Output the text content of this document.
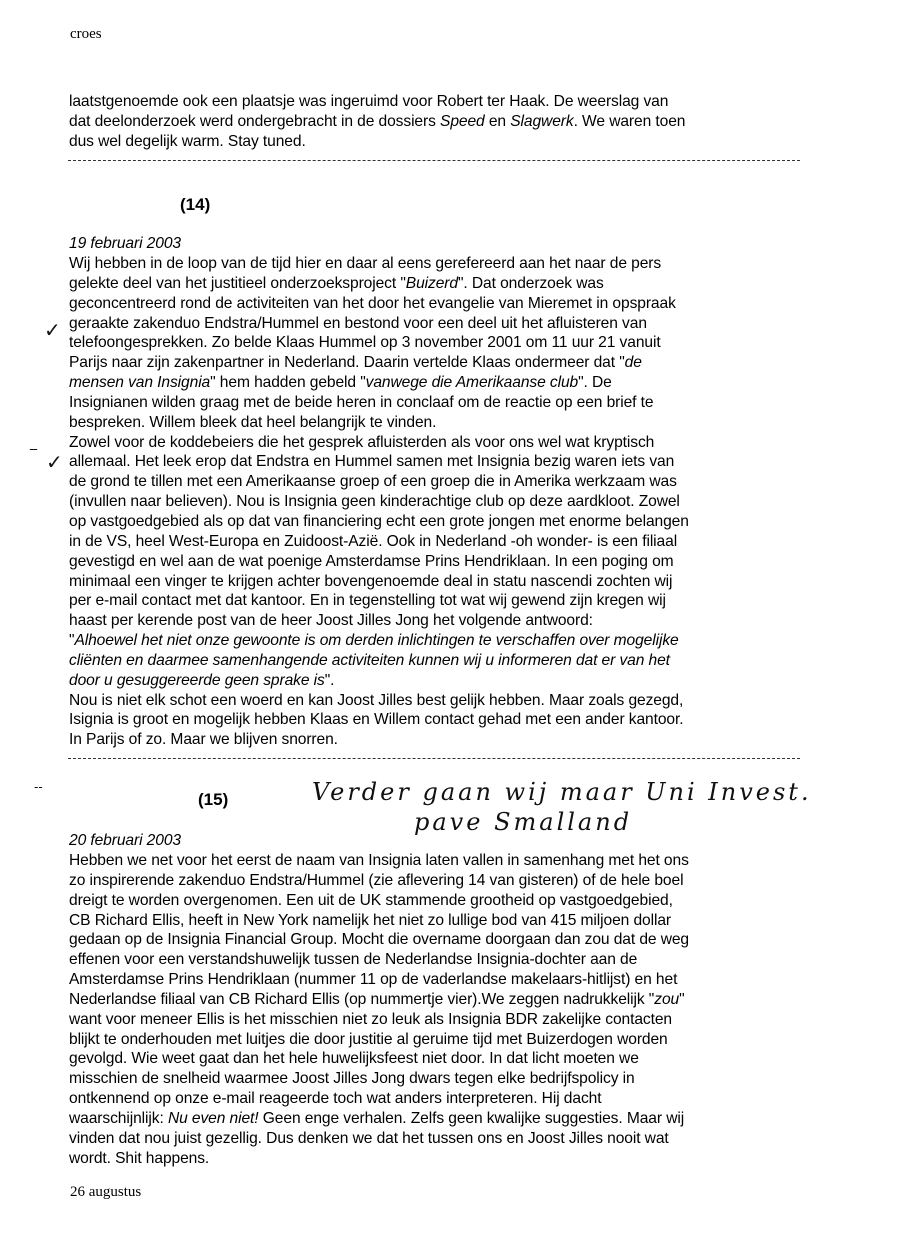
croes
laatstgenoemde ook een plaatsje was ingeruimd voor Robert ter Haak. De weerslag van
dat deelonderzoek werd ondergebracht in de dossiers Speed en Slagwerk. We waren toen
dus wel degelijk warm. Stay tuned.
(14)
19 februari 2003
Wij hebben in de loop van de tijd hier en daar al eens gerefereerd aan het naar de pers
gelekte deel van het justitieel onderzoeksproject "Buizerd". Dat onderzoek was
geconcentreerd rond de activiteiten van het door het evangelie van Mieremet in opspraak
geraakte zakenduo Endstra/Hummel en bestond voor een deel uit het afluisteren van
telefoongesprekken. Zo belde Klaas Hummel op 3 november 2001 om 11 uur 21 vanuit
Parijs naar zijn zakenpartner in Nederland. Daarin vertelde Klaas ondermeer dat "de
mensen van Insignia" hem hadden gebeld "vanwege die Amerikaanse club". De
Insignianen wilden graag met de beide heren in conclaaf om de reactie op een brief te
bespreken. Willem bleek dat heel belangrijk te vinden.
Zowel voor de koddebeiers die het gesprek afluisterden als voor ons wel wat kryptisch
allemaal. Het leek erop dat Endstra en Hummel samen met Insignia bezig waren iets van
de grond te tillen met een Amerikaanse groep of een groep die in Amerika werkzaam was
(invullen naar believen). Nou is Insignia geen kinderachtige club op deze aardkloot. Zowel
op vastgoedgebied als op dat van financiering echt een grote jongen met enorme belangen
in de VS, heel West-Europa en Zuidoost-Azië. Ook in Nederland -oh wonder- is een filiaal
gevestigd en wel aan de wat poenige Amsterdamse Prins Hendriklaan. In een poging om
minimaal een vinger te krijgen achter bovengenoemde deal in statu nascendi zochten wij
per e-mail contact met dat kantoor. En in tegenstelling tot wat wij gewend zijn kregen wij
haast per kerende post van de heer Joost Jilles Jong het volgende antwoord:
"Alhoewel het niet onze gewoonte is om derden inlichtingen te verschaffen over mogelijke
cliënten en daarmee samenhangende activiteiten kunnen wij u informeren dat er van het
door u gesuggereerde geen sprake is".
Nou is niet elk schot een woerd en kan Joost Jilles best gelijk hebben. Maar zoals gezegd,
Isignia is groot en mogelijk hebben Klaas en Willem contact gehad met een ander kantoor.
In Parijs of zo. Maar we blijven snorren.
✓
‾ ✓
--
(15)	Verder gaan wij maar Uni Invest.
pave Smalland
20 februari 2003
Hebben we net voor het eerst de naam van Insignia laten vallen in samenhang met het ons
zo inspirerende zakenduo Endstra/Hummel (zie aflevering 14 van gisteren) of de hele boel
dreigt te worden overgenomen. Een uit de UK stammende grootheid op vastgoedgebied,
CB Richard Ellis, heeft in New York namelijk het niet zo lullige bod van 415 miljoen dollar
gedaan op de Insignia Financial Group. Mocht die overname doorgaan dan zou dat de weg
effenen voor een verstandshuwelijk tussen de Nederlandse Insignia-dochter aan de
Amsterdamse Prins Hendriklaan (nummer 11 op de vaderlandse makelaars-hitlijst) en het
Nederlandse filiaal van CB Richard Ellis (op nummertje vier).We zeggen nadrukkelijk "zou"
want voor meneer Ellis is het misschien niet zo leuk als Insignia BDR zakelijke contacten
blijkt te onderhouden met luitjes die door justitie al geruime tijd met Buizerdogen worden
gevolgd. Wie weet gaat dan het hele huwelijksfeest niet door. In dat licht moeten we
misschien de snelheid waarmee Joost Jilles Jong dwars tegen elke bedrijfspolicy in
ontkennend op onze e-mail reageerde toch wat anders interpreteren. Hij dacht
waarschijnlijk: Nu even niet! Geen enge verhalen. Zelfs geen kwalijke suggesties. Maar wij
vinden dat nou juist gezellig. Dus denken we dat het tussen ons en Joost Jilles nooit wat
wordt. Shit happens.
26 augustus
